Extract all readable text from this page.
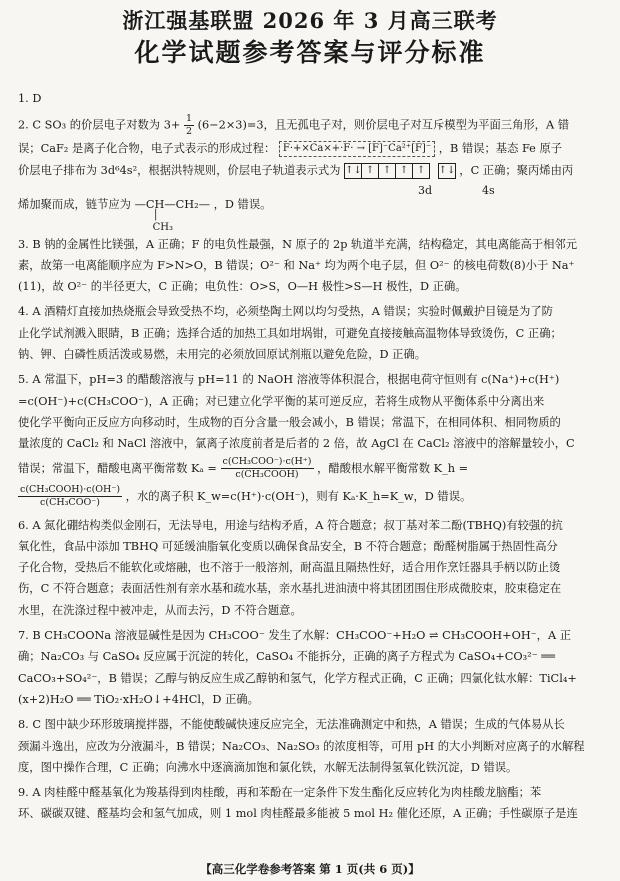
浙江强基联盟 2026 年 3 月高三联考
化学试题参考答案与评分标准
1. D
2. C SO₃ 的价层电子对数为 $3+ \frac{1}{2} (6-2\times 3)=3$，且无孤电子对，则价层电子对互斥模型为平面三角形，A 错
误；CaF₂ 是离子化合物，电子式表示的形成过程： F·+×Ca×+·F· → [F]⁻Ca²⁺[F]⁻ ，B 错误；基态 Fe 原子
价层电子排布为 3d⁶4s²，根据洪特规则，价层电子轨道表示式为 ↑↓ ↑ ↑ ↑ ↑
	↑↓ ，C 正确；聚丙烯由丙
3d	4s
烯加聚而成，链节应为 —CH—CH₂—
│
CH₃
，D 错误。
3. B 钠的金属性比镁强，A 正确；F 的电负性最强，N 原子的 2p 轨道半充满，结构稳定，其电离能高于相邻元
素，故第一电离能顺序应为 F>N>O，B 错误；O²⁻ 和 Na⁺ 均为两个电子层，但 O²⁻ 的核电荷数(8)小于 Na⁺
(11)，故 O²⁻ 的半径更大，C 正确；电负性：O>S，O—H 极性>S—H 极性，D 正确。
4. A 酒精灯直接加热烧瓶会导致受热不均，必须垫陶土网以均匀受热，A 错误；实验时佩戴护目镜是为了防
止化学试剂溅入眼睛，B 正确；选择合适的加热工具如坩埚钳，可避免直接接触高温物体导致烫伤，C 正确；
钠、钾、白磷性质活泼或易燃，未用完的必须放回原试剂瓶以避免危险，D 正确。
5. A 常温下，pH=3 的醋酸溶液与 pH=11 的 NaOH 溶液等体积混合，根据电荷守恒则有 c(Na⁺)+c(H⁺)
=c(OH⁻)+c(CH₃COO⁻)，A 正确；对已建立化学平衡的某可逆反应，若将生成物从平衡体系中分离出来
使化学平衡向正反应方向移动时，生成物的百分含量一般会减小，B 错误；常温下，在相同体积、相同物质的
量浓度的 CaCl₂ 和 NaCl 溶液中，氯离子浓度前者是后者的 2 倍，故 AgCl 在 CaCl₂ 溶液中的溶解量较小，C
错误；常温下，醋酸电离平衡常数 Kₐ = c(CH₃COO⁻)·c(H⁺)
c(CH₃COOH)	，醋酸根水解平衡常数 K_h =
c(CH₃COOH)·c(OH⁻)
c(CH₃COO⁻)	，水的离子积 K_w=c(H⁺)·c(OH⁻)，则有 Kₐ·K_h=K_w，D 错误。
6. A 氮化硼结构类似金刚石，无法导电，用途与结构矛盾，A 符合题意；叔丁基对苯二酚(TBHQ)有较强的抗
氧化性，食品中添加 TBHQ 可延缓油脂氧化变质以确保食品安全，B 不符合题意；酚醛树脂属于热固性高分
子化合物，受热后不能软化或熔融，也不溶于一般溶剂，耐高温且隔热性好，适合用作烹饪器具手柄以防止烫
伤，C 不符合题意；表面活性剂有亲水基和疏水基，亲水基扎进油渍中将其团团围住形成微胶束，胶束稳定在
水里，在洗涤过程中被冲走，从而去污，D 不符合题意。
7. B CH₃COONa 溶液显碱性是因为 CH₃COO⁻ 发生了水解：CH₃COO⁻+H₂O ⇌ CH₃COOH+OH⁻，A 正
确；Na₂CO₃ 与 CaSO₄ 反应属于沉淀的转化，CaSO₄ 不能拆分，正确的离子方程式为 CaSO₄+CO₃²⁻ ══
CaCO₃+SO₄²⁻，B 错误；乙醇与钠反应生成乙醇钠和氢气，化学方程式正确，C 正确；四氯化钛水解：TiCl₄+
(x+2)H₂O ══ TiO₂·xH₂O↓+4HCl，D 正确。
8. C 图中缺少环形玻璃搅拌器，不能使酸碱快速反应完全，无法准确测定中和热，A 错误；生成的气体易从长
颈漏斗逸出，应改为分液漏斗，B 错误；Na₂CO₃、Na₂SO₃ 的浓度相等，可用 pH 的大小判断对应离子的水解程
度，图中操作合理，C 正确；向沸水中逐滴滴加饱和氯化铁，水解无法制得氢氧化铁沉淀，D 错误。
9. A 肉桂醛中醛基氧化为羧基得到肉桂酸，再和苯酚在一定条件下发生酯化反应转化为肉桂酸龙脑酯；苯
环、碳碳双键、醛基均会和氢气加成，则 1 mol 肉桂醛最多能被 5 mol H₂ 催化还原，A 正确；手性碳原子是连
【高三化学卷参考答案 第 1 页(共 6 页)】
